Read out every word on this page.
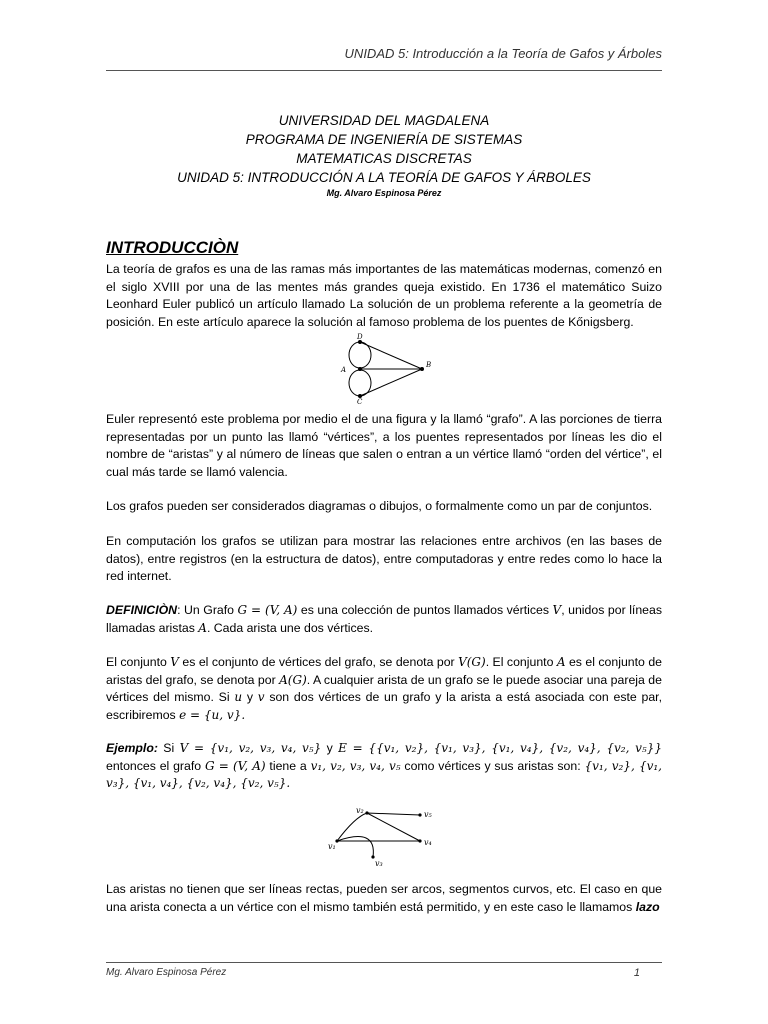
UNIDAD 5: Introducción a la Teoría de Gafos y Árboles
UNIVERSIDAD DEL MAGDALENA
PROGRAMA DE INGENIERÍA DE SISTEMAS
MATEMATICAS DISCRETAS
UNIDAD 5: INTRODUCCIÓN A LA TEORÍA DE GAFOS Y ÁRBOLES
Mg. Alvaro Espinosa Pérez
INTRODUCCIÒN
La teoría de grafos es una de las ramas más importantes de las matemáticas modernas, comenzó en el siglo XVIII por una de las mentes más grandes queja existido. En 1736 el matemático Suizo Leonhard Euler publicó un artículo llamado La solución de un problema referente a la geometría de posición. En este artículo aparece la solución al famoso problema de los puentes de Kőnigsberg.
D
A
B
C
Euler representó este problema por medio el de una figura y la llamó “grafo”. A las porciones de tierra representadas por un punto las llamó “vértices”, a los puentes representados por líneas les dio el nombre de “aristas” y al número de líneas que salen o entran a un vértice llamó “orden del vértice”, el cual más tarde se llamó valencia.
Los grafos pueden ser considerados diagramas o dibujos, o formalmente como un par de conjuntos.
En computación los grafos se utilizan para mostrar las relaciones entre archivos (en las bases de datos), entre registros (en la estructura de datos), entre computadoras y entre redes como lo hace la red internet.
DEFINICIÒN: Un Grafo G = (V, A) es una colección de puntos llamados vértices V, unidos por líneas llamadas aristas A. Cada arista une dos vértices.
El conjunto V es el conjunto de vértices del grafo, se denota por V(G). El conjunto A es el conjunto de aristas del grafo, se denota por A(G). A cualquier arista de un grafo se le puede asociar una pareja de vértices del mismo. Si u y v son dos vértices de un grafo y la arista a está asociada con este par, escribiremos e = {u, v}.
Ejemplo: Si V = {v₁, v₂, v₃, v₄, v₅} y E = {{v₁, v₂}, {v₁, v₃}, {v₁, v₄}, {v₂, v₄}, {v₂, v₅}} entonces el grafo G = (V, A) tiene a v₁, v₂, v₃, v₄, v₅ como vértices y sus aristas son: {v₁, v₂}, {v₁, v₃}, {v₁, v₄}, {v₂, v₄}, {v₂, v₅}.
v₂	v₅
v₁	v₄
v₃
Las aristas no tienen que ser líneas rectas, pueden ser arcos, segmentos curvos, etc. El caso en que una arista conecta a un vértice con el mismo también está permitido, y en este caso le llamamos lazo
Mg. Alvaro Espinosa Pérez	1
